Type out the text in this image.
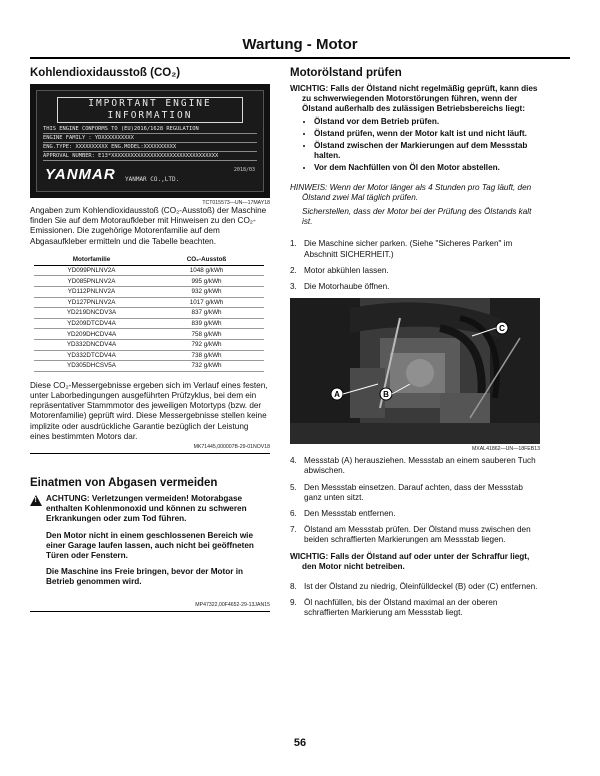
Wartung - Motor
Kohlendioxidausstoß (CO₂)
IMPORTANT ENGINE INFORMATION
THIS ENGINE CONFORMS TO (EU)2016/1628 REGULATION
ENGINE FAMILY : YDXXXXXXXXXX
ENG.TYPE: XXXXXXXXXX ENG.MODEL:XXXXXXXXXX
APPROVAL NUMBER: E13*XXXXXXXXXXXXXXXXXXXXXXXXXXXXXXXXX
2018/03
YANMAR YANMAR CO.,LTD.
TCT015573—UN—17MAY18

Angaben zum Kohlendioxidausstoß (CO₂-Ausstoß) der Maschine finden Sie auf dem Motoraufkleber mit Hinweisen zu den CO₂-Emissionen. Die zugehörige Motorenfamilie auf dem Abgasaufkleber ermitteln und die Tabelle beachten.

Motorfamilie	CO₂-Ausstoß
YD099PNLNV2A	1048 g/kWh
YD085PNLNV2A	995 g/kWh
YD112PNLNV2A	932 g/kWh
YD127PNLNV2A	1017 g/kWh
YD219DNCDV3A	837 g/kWh
YD209DTCDV4A	839 g/kWh
YD209DHCDV4A	758 g/kWh
YD332DNCDV4A	792 g/kWh
YD332DTCDV4A	738 g/kWh
YD305DHCSV5A	732 g/kWh

Diese CO₂-Messergebnisse ergeben sich im Verlauf eines festen, unter Laborbedingungen ausgeführten Prüfzyklus, bei dem ein repräsentativer Stammmotor des jeweiligen Motortyps (bzw. der Motorenfamilie) geprüft wird. Diese Messergebnisse stellen keine implizite oder ausdrückliche Garantie bezüglich der Leistung eines bestimmten Motors dar.

MK71445,000007B-29-01NOV18
Einatmen von Abgasen vermeiden
!

ACHTUNG: Verletzungen vermeiden! Motorabgase enthalten Kohlenmonoxid und können zu schweren Erkrankungen oder zum Tod führen.

Den Motor nicht in einem geschlossenen Bereich wie einer Garage laufen lassen, auch nicht bei geöffneten Türen oder Fenstern.

Die Maschine ins Freie bringen, bevor der Motor in Betrieb genommen wird.

MP47322,00F4652-29-13JAN15
Motorölstand prüfen

WICHTIG: Falls der Ölstand nicht regelmäßig geprüft, kann dies zu schwerwiegenden Motorstörungen führen, wenn der Ölstand außerhalb des zulässigen Betriebsbereichs liegt:

• Ölstand vor dem Betrieb prüfen.
• Ölstand prüfen, wenn der Motor kalt ist und nicht läuft.
• Ölstand zwischen der Markierungen auf dem Messstab halten.
• Vor dem Nachfüllen von Öl den Motor abstellen.

HINWEIS: Wenn der Motor länger als 4 Stunden pro Tag läuft, den Ölstand zwei Mal täglich prüfen.

Sicherstellen, dass der Motor bei der Prüfung des Ölstands kalt ist.

1. Die Maschine sicher parken. (Siehe "Sicheres Parken" im Abschnitt SICHERHEIT.)
2. Motor abkühlen lassen.
3. Die Motorhaube öffnen.
A	B
C
MXAL41862—UN—18FEB13
4. Messstab (A) herausziehen. Messstab an einem sauberen Tuch abwischen.
5. Den Messstab einsetzen. Darauf achten, dass der Messstab ganz unten sitzt.
6. Den Messstab entfernen.
7. Ölstand am Messstab prüfen. Der Ölstand muss zwischen den beiden schraffierten Markierungen am Messstab liegen.

WICHTIG: Falls der Ölstand auf oder unter der Schraffur liegt, den Motor nicht betreiben.

8. Ist der Ölstand zu niedrig, Öleinfülldeckel (B) oder (C) entfernen.
9. Öl nachfüllen, bis der Ölstand maximal an der oberen schraffierten Markierung am Messstab liegt.
56
